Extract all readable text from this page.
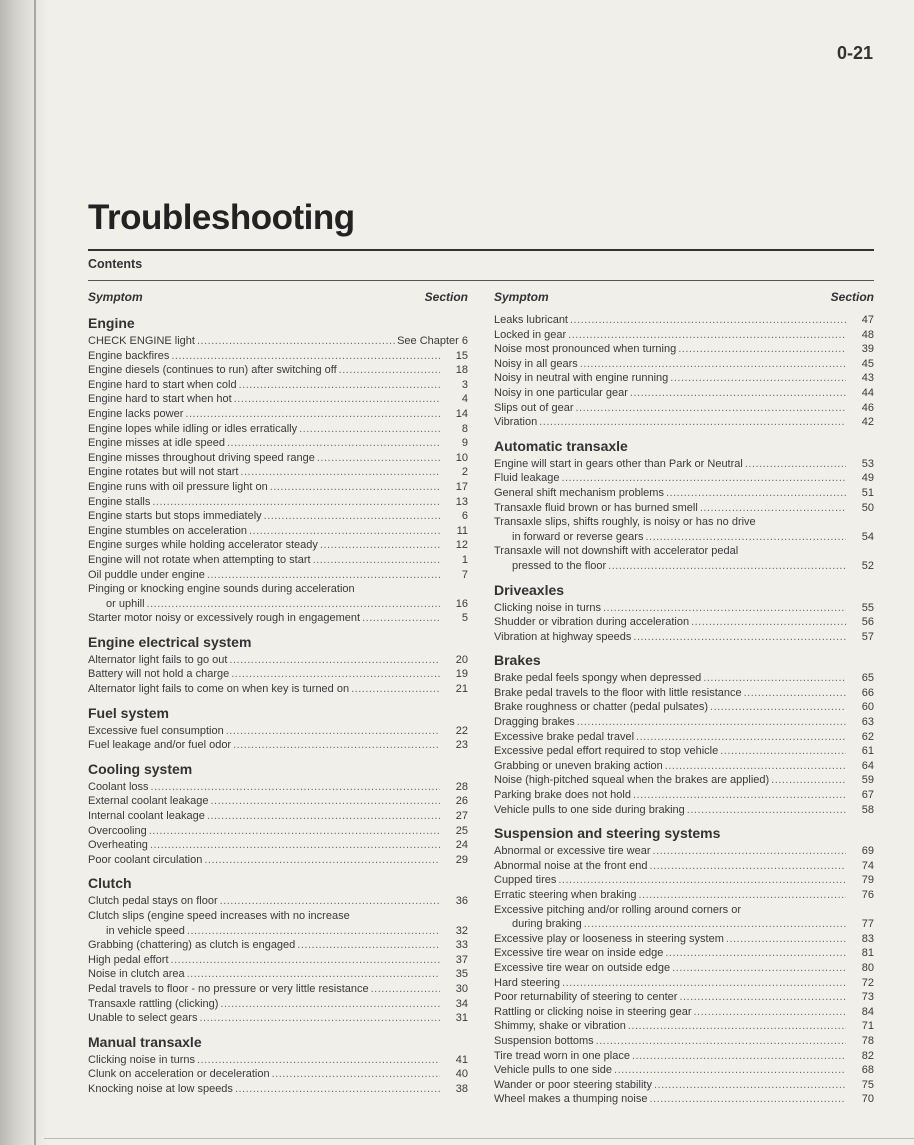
0-21
Troubleshooting
Contents
Symptom	Section
Engine
CHECK ENGINE light .....	See Chapter 6
Engine backfires .....	15
Engine diesels (continues to run) after switching off .....	18
Engine hard to start when cold .....	3
Engine hard to start when hot .....	4
Engine lacks power .....	14
Engine lopes while idling or idles erratically .....	8
Engine misses at idle speed .....	9
Engine misses throughout driving speed range .....	10
Engine rotates but will not start .....	2
Engine runs with oil pressure light on .....	17
Engine stalls .....	13
Engine starts but stops immediately .....	6
Engine stumbles on acceleration .....	11
Engine surges while holding accelerator steady .....	12
Engine will not rotate when attempting to start .....	1
Oil puddle under engine .....	7
Pinging or knocking engine sounds during acceleration
or uphill .....	16
Starter motor noisy or excessively rough in engagement .....	5
Engine electrical system
Alternator light fails to go out .....	20
Battery will not hold a charge .....	19
Alternator light fails to come on when key is turned on .....	21
Fuel system
Excessive fuel consumption .....	22
Fuel leakage and/or fuel odor .....	23
Cooling system
Coolant loss .....	28
External coolant leakage .....	26
Internal coolant leakage .....	27
Overcooling .....	25
Overheating .....	24
Poor coolant circulation .....	29
Clutch
Clutch pedal stays on floor .....	36
Clutch slips (engine speed increases with no increase
in vehicle speed .....	32
Grabbing (chattering) as clutch is engaged .....	33
High pedal effort .....	37
Noise in clutch area .....	35
Pedal travels to floor - no pressure or very little resistance .....	30
Transaxle rattling (clicking) .....	34
Unable to select gears .....	31
Manual transaxle
Clicking noise in turns .....	41
Clunk on acceleration or deceleration .....	40
Knocking noise at low speeds .....	38
Symptom	Section
Leaks lubricant .....	47
Locked in gear .....	48
Noise most pronounced when turning .....	39
Noisy in all gears .....	45
Noisy in neutral with engine running .....	43
Noisy in one particular gear .....	44
Slips out of gear .....	46
Vibration .....	42
Automatic transaxle
Engine will start in gears other than Park or Neutral .....	53
Fluid leakage .....	49
General shift mechanism problems .....	51
Transaxle fluid brown or has burned smell .....	50
Transaxle slips, shifts roughly, is noisy or has no drive
in forward or reverse gears .....	54
Transaxle will not downshift with accelerator pedal
pressed to the floor .....	52
Driveaxles
Clicking noise in turns .....	55
Shudder or vibration during acceleration .....	56
Vibration at highway speeds .....	57
Brakes
Brake pedal feels spongy when depressed .....	65
Brake pedal travels to the floor with little resistance .....	66
Brake roughness or chatter (pedal pulsates) .....	60
Dragging brakes .....	63
Excessive brake pedal travel .....	62
Excessive pedal effort required to stop vehicle .....	61
Grabbing or uneven braking action .....	64
Noise (high-pitched squeal when the brakes are applied) .....	59
Parking brake does not hold .....	67
Vehicle pulls to one side during braking .....	58
Suspension and steering systems
Abnormal or excessive tire wear .....	69
Abnormal noise at the front end .....	74
Cupped tires .....	79
Erratic steering when braking .....	76
Excessive pitching and/or rolling around corners or
during braking .....	77
Excessive play or looseness in steering system .....	83
Excessive tire wear on inside edge .....	81
Excessive tire wear on outside edge .....	80
Hard steering .....	72
Poor returnability of steering to center .....	73
Rattling or clicking noise in steering gear .....	84
Shimmy, shake or vibration .....	71
Suspension bottoms .....	78
Tire tread worn in one place .....	82
Vehicle pulls to one side .....	68
Wander or poor steering stability .....	75
Wheel makes a thumping noise .....	70
